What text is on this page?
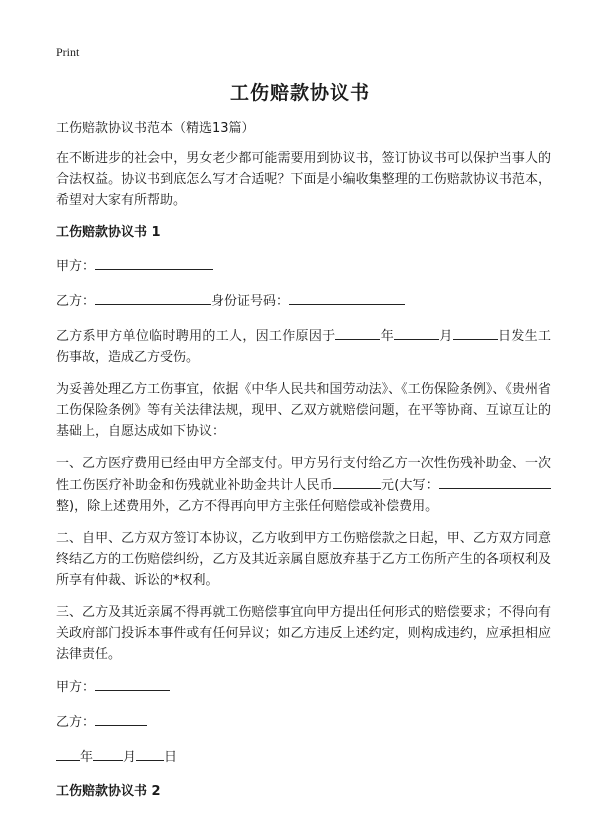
Print
工伤赔款协议书

工伤赔款协议书范本（精选13篇）

在不断进步的社会中，男女老少都可能需要用到协议书，签订协议书可以保护当事人的合法权益。协议书到底怎么写才合适呢？下面是小编收集整理的工伤赔款协议书范本，希望对大家有所帮助。

工伤赔款协议书 1

甲方：

乙方：	身份证号码：

乙方系甲方单位临时聘用的工人，因工作原因于	年	月	日发生工伤事故，造成乙方受伤。

为妥善处理乙方工伤事宜，依据《中华人民共和国劳动法》、《工伤保险条例》、《贵州省工伤保险条例》等有关法律法规，现甲、乙双方就赔偿问题，在平等协商、互谅互让的基础上，自愿达成如下协议：

一、乙方医疗费用已经由甲方全部支付。甲方另行支付给乙方一次性伤残补助金、一次性工伤医疗补助金和伤残就业补助金共计人民币	元(大写：整)，除上述费用外，乙方不得再向甲方主张任何赔偿或补偿费用。

二、自甲、乙方双方签订本协议，乙方收到甲方工伤赔偿款之日起，甲、乙方双方同意终结乙方的工伤赔偿纠纷，乙方及其近亲属自愿放弃基于乙方工伤所产生的各项权利及所享有仲裁、诉讼的*权利。

三、乙方及其近亲属不得再就工伤赔偿事宜向甲方提出任何形式的赔偿要求；不得向有关政府部门投诉本事件或有任何异议；如乙方违反上述约定，则构成违约，应承担相应法律责任。

甲方：

乙方：

年 月 日

工伤赔款协议书 2
